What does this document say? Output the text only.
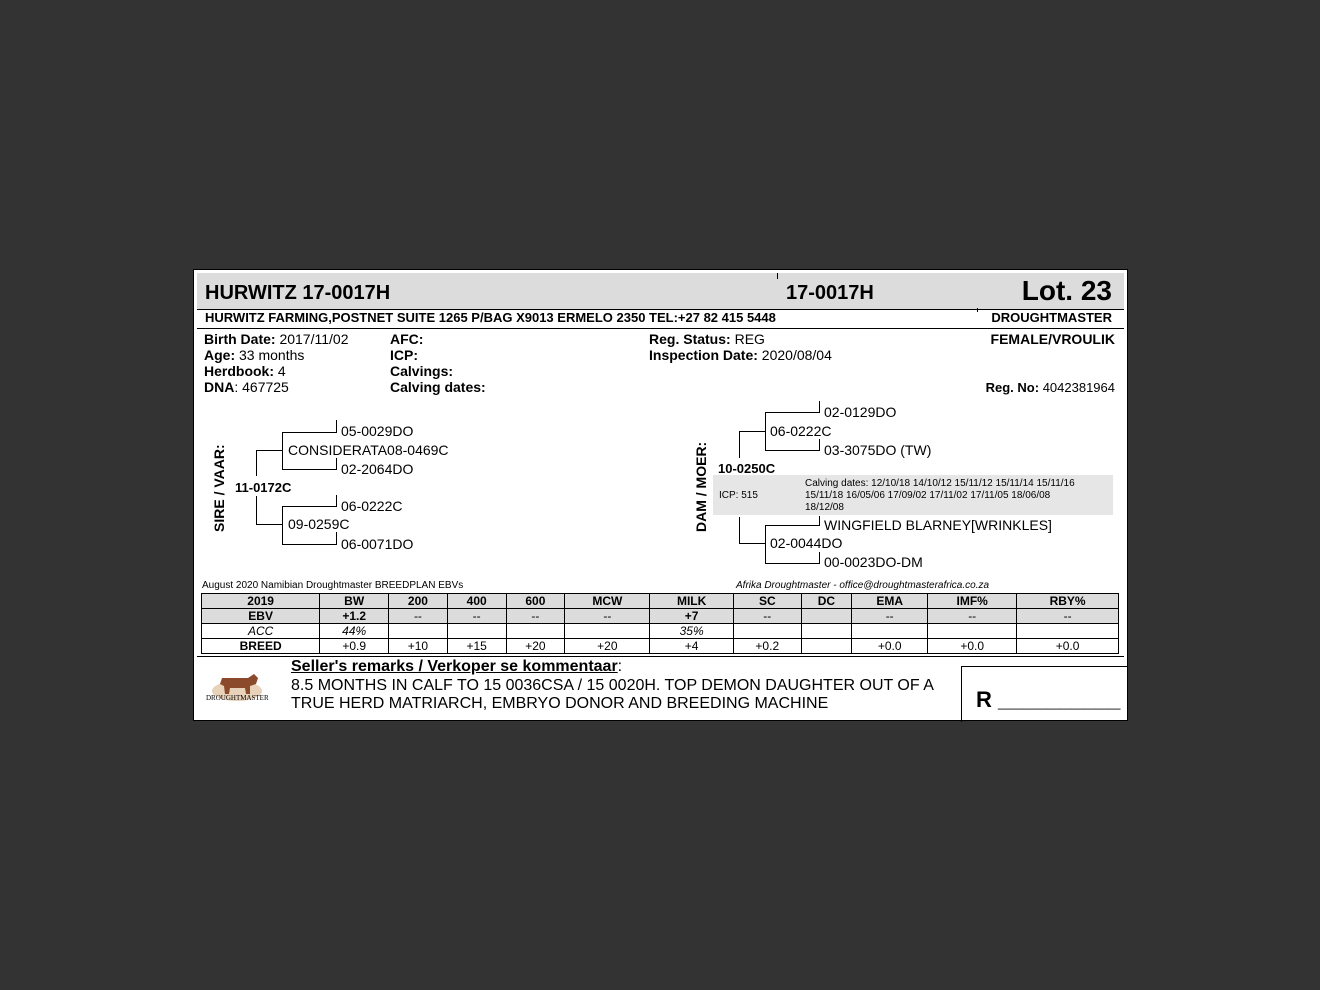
HURWITZ 17-0017H	17-0017H	Lot. 23
HURWITZ FARMING,POSTNET SUITE 1265 P/BAG X9013 ERMELO 2350 TEL:+27 82 415 5448	DROUGHTMASTER
Birth Date: 2017/11/02
Age: 33 months
Herdbook: 4
DNA: 467725
AFC:
ICP:
Calvings:
Calving dates:
Reg. Status: REG
Inspection Date: 2020/08/04
FEMALE/VROULIK
Reg. No: 4042381964
SIRE / VAAR: 11-0172C
CONSIDERATA08-0469C
05-0029DO
02-2064DO
09-0259C
06-0222C
06-0071DO
DAM / MOER: ICP: 515
Calving dates: 12/10/18 14/10/12 15/11/12 15/11/14 15/11/16
15/11/18 16/05/06 17/09/02 17/11/02 17/11/05 18/06/08
18/12/08
10-0250C
06-0222C
02-0129DO
03-3075DO (TW)
02-0044DO
WINGFIELD BLARNEY[WRINKLES]
00-0023DO-DM
August 2020 Namibian Droughtmaster BREEDPLAN EBVs	Afrika Droughtmaster - office@droughtmasterafrica.co.za
2019	BW	200	400	600	MCW	MILK	SC	DC	EMA	IMF%	RBY%
EBV	+1.2	--	--	--	--	+7	--		--	--	--
ACC	44%					35%					
BREED	+0.9	+10	+15	+20	+20	+4	+0.2		+0.0	+0.0	+0.0
DROUGHTMASTER
Seller's remarks / Verkoper se kommentaar:
8.5 MONTHS IN CALF TO 15 0036CSA / 15 0020H. TOP DEMON DAUGHTER OUT OF A
TRUE HERD MATRIARCH, EMBRYO DONOR AND BREEDING MACHINE	R __________
